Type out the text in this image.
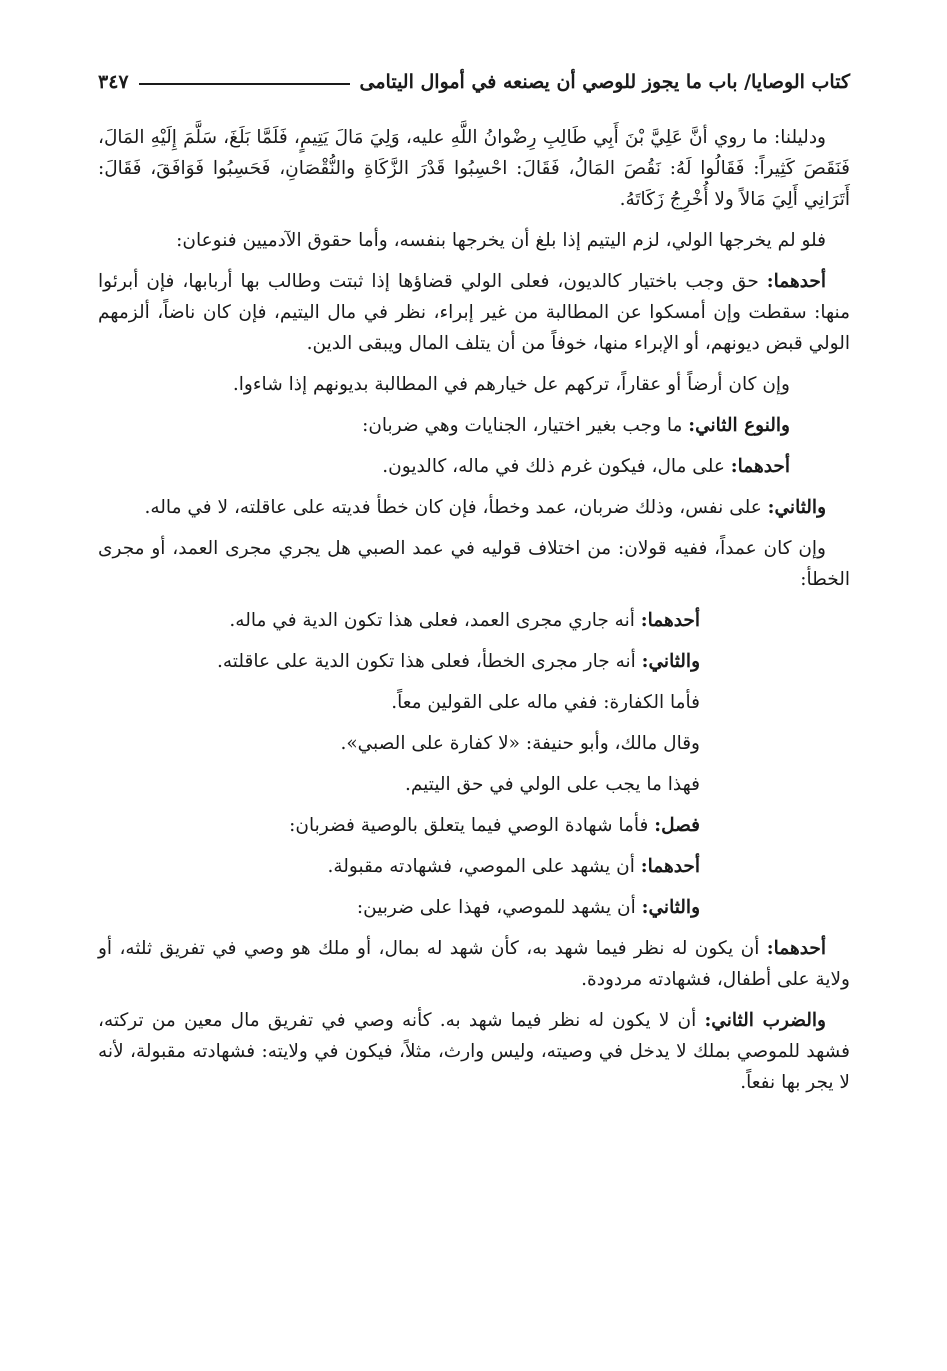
كتاب الوصايا/ باب ما يجوز للوصي أن يصنعه في أموال اليتامى
٣٤٧

ودليلنا: ما روي أنَّ عَلِيَّ بْنَ أَبِي طَالِبِ رِضْوانُ اللَّهِ عليه، وَلِيَ مَالَ يَتِيمٍ، فَلَمَّا بَلَغَ، سَلَّمَ إِلَيْهِ المَالَ، فَنَقَصَ كَثِيراً: فَقَالُوا لَهُ: نَقُصَ المَالُ، فَقَالَ: احْسِبُوا قَدْرَ الزَّكَاةِ والنُّقْصَانِ، فَحَسِبُوا فَوَافَقَ، فَقَالَ: أَتَرَانِي أَلِيَ مَالاً ولا أُخْرِجُ زَكَاتَهُ.

فلو لم يخرجها الولي، لزم اليتيم إذا بلغ أن يخرجها بنفسه، وأما حقوق الآدميين فنوعان:

أحدهما: حق وجب باختيار كالديون، فعلى الولي قضاؤها إذا ثبتت وطالب بها أربابها، فإن أبرئوا منها: سقطت وإن أمسكوا عن المطالبة من غير إبراء، نظر في مال اليتيم، فإن كان ناضاً، ألزمهم الولي قبض ديونهم، أو الإبراء منها، خوفاً من أن يتلف المال ويبقى الدين.

وإن كان أرضاً أو عقاراً، تركهم عل خيارهم في المطالبة بديونهم إذا شاءوا.

والنوع الثاني: ما وجب بغير اختيار، الجنايات وهي ضربان:

أحدهما: على مال، فيكون غرم ذلك في ماله، كالديون.

والثاني: على نفس، وذلك ضربان، عمد وخطأ، فإن كان خطأ فديته على عاقلته، لا في ماله.

وإن كان عمداً، ففيه قولان: من اختلاف قوليه في عمد الصبي هل يجري مجرى العمد، أو مجرى الخطأ:

أحدهما: أنه جاري مجرى العمد، فعلى هذا تكون الدية في ماله.

والثاني: أنه جار مجرى الخطأ، فعلى هذا تكون الدية على عاقلته.

فأما الكفارة: ففي ماله على القولين معاً.

وقال مالك، وأبو حنيفة: «لا كفارة على الصبي».

فهذا ما يجب على الولي في حق اليتيم.

فصل: فأما شهادة الوصي فيما يتعلق بالوصية فضربان:

أحدهما: أن يشهد على الموصي، فشهادته مقبولة.

والثاني: أن يشهد للموصي، فهذا على ضربين:

أحدهما: أن يكون له نظر فيما شهد به، كأن شهد له بمال، أو ملك هو وصي في تفريق ثلثه، أو ولاية على أطفال، فشهادته مردودة.

والضرب الثاني: أن لا يكون له نظر فيما شهد به. كأنه وصي في تفريق مال معين من تركته، فشهد للموصي بملك لا يدخل في وصيته، وليس وارث، مثلاً، فيكون في ولايته: فشهادته مقبولة، لأنه لا يجر بها نفعاً.
